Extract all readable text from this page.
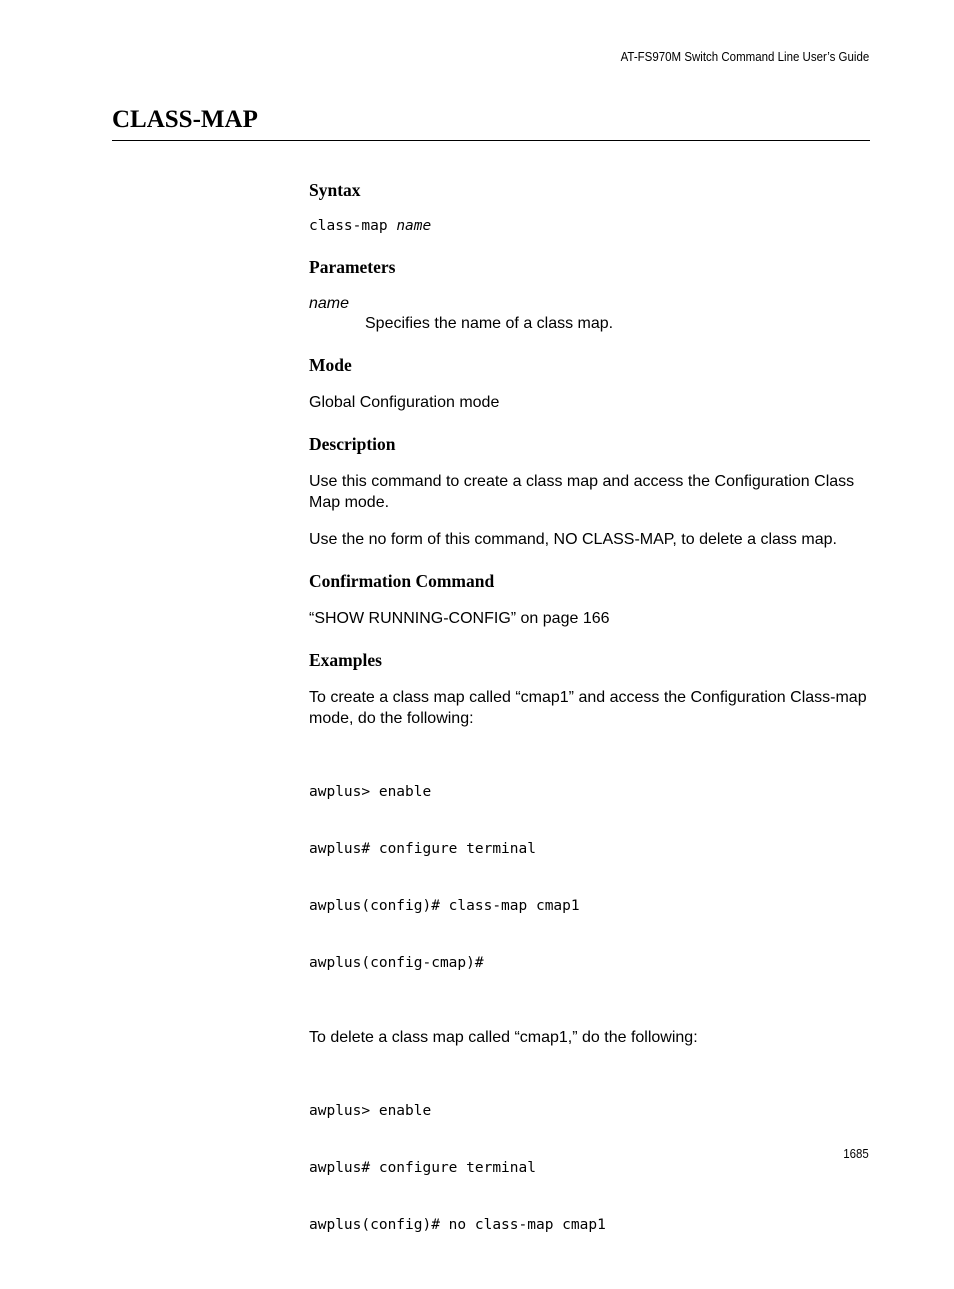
AT-FS970M Switch Command Line User’s Guide
CLASS-MAP
Syntax
class-map name
Parameters

name

Specifies the name of a class map.

Mode

Global Configuration mode

Description

Use this command to create a class map and access the Configuration Class Map mode.

Use the no form of this command, NO CLASS-MAP, to delete a class map.

Confirmation Command

“SHOW RUNNING-CONFIG” on page 166

Examples

To create a class map called “cmap1” and access the Configuration Class-map mode, do the following:

awplus> enable

awplus# configure terminal

awplus(config)# class-map cmap1

awplus(config-cmap)#

To delete a class map called “cmap1,” do the following:

awplus> enable

awplus# configure terminal

awplus(config)# no class-map cmap1

1685
